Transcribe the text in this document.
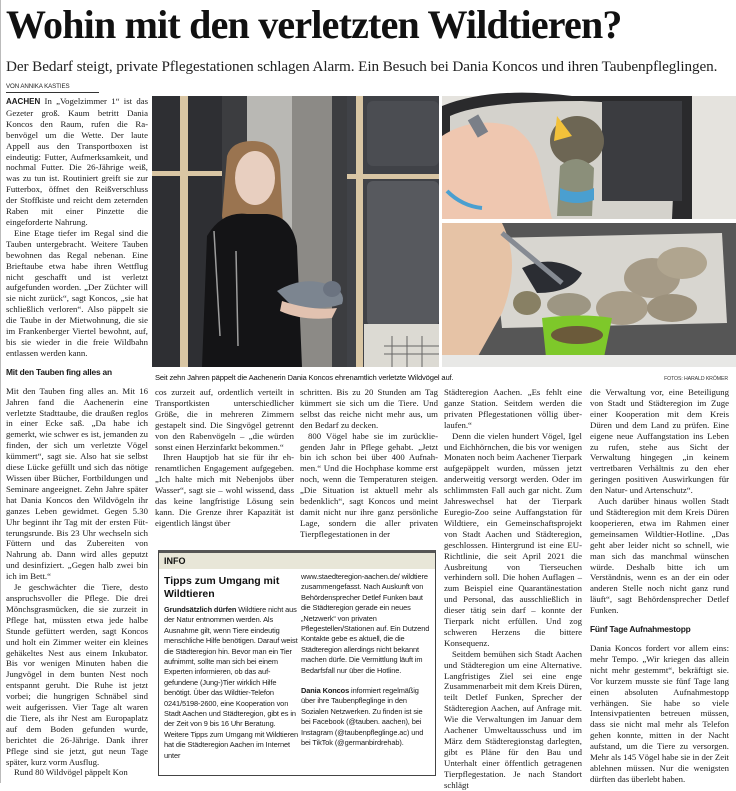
Wohin mit den verletzten Wildtieren?
Der Bedarf steigt, private Pflegestationen schlagen Alarm. Ein Besuch bei Dania Koncos und ihren Taubenpfleglingen.
VON ANNIKA KASTIES

AACHEN In „Vogelzimmer 1“ ist das Gezeter groß. Kaum betritt Dania Koncos den Raum, rufen die Rabenvögel um die Wette. Der laute Appell aus den Transportboxen ist eindeutig: Futter, Aufmerksamkeit, und nochmal Futter. Die 26-Jährige weiß, was zu tun ist. Routiniert greift sie zur Futterbox, öffnet den Reißverschluss der Stoffkiste und reicht dem zeternden Raben mit einer Pinzette die eingeforderte Nahrung.

Eine Etage tiefer im Regal sind die Tauben untergebracht. Weitere Tauben bewohnen das Regal nebenan. Eine Brieftaube etwa habe ihren Wettflug nicht geschafft und ist verletzt aufgefunden worden. „Der Züchter will sie nicht zurück“, sagt Koncos, „sie hat schließlich verloren“. Also päppelt sie die Taube in der Mietwohnung, die sie im Frankenberger Viertel bewohnt, auf, bis sie wieder in die freie Wildbahn entlassen werden kann.

Mit den Tauben fing alles an

Mit den Tauben fing alles an. Mit 16 Jahren fand die Aachenerin eine verletzte Stadttaube, die draußen reglos in einer Ecke saß. „Da habe ich gemerkt, wie schwer es ist, jemanden zu finden, der sich um verletzte Vögel kümmert“, sagt sie. Also hat sie selbst diese Lücke gefüllt und sich das nötige Wissen über Bücher, Fortbildungen und Seminare angeeignet. Zehn Jahre später hat Dania Koncos den Wildvögeln ihr ganzes Leben gewidmet. Gegen 5.30 Uhr beginnt ihr Tag mit der ersten Fütterungsrunde. Bis 23 Uhr wechseln sich Füttern und das Zubereiten von Nahrung ab. Dann wird alles geputzt und desinfiziert. „Gegen halb zwei bin ich im Bett.“

Je geschwächter die Tiere, desto anspruchsvoller die Pflege. Die drei Mönchsgrasmücken, die sie zurzeit in Pflege hat, müssten etwa jede halbe Stunde gefüttert werden, sagt Koncos und holt ein Zimmer weiter ein kleines gehäkeltes Nest aus einem Inkubator. Bis vor wenigen Minuten haben die Jungvögel in dem bunten Nest noch entspannt geruht. Die Ruhe ist jetzt vorbei; die hungrigen Schnäbel sind weit aufgerissen. Vier Tage alt waren die Tiere, als ihr Nest am Europaplatz auf dem Boden gefunden wurde, berichtet die 26-Jährige. Dank ihrer Pflege sind sie jetzt, gut neun Tage später, kurz vorm Ausflug.

Rund 80 Wildvögel päppelt Kon

Seit zehn Jahren päppelt die Aachenerin Dania Koncos ehrenamtlich verletzte Wildvögel auf.	FOTOS: HARALD KRÖMER

cos zurzeit auf, ordentlich verteilt in Transportkisten unterschiedlicher Größe, die in mehreren Zimmern gestapelt sind. Die Singvögel getrennt von den Rabenvögeln – „die würden sonst einen Herzinfarkt bekommen.“

Ihren Hauptjob hat sie für ihr ehrenamtlichen Engagement aufgegeben. „Ich halte mich mit Nebenjobs über Wasser“, sagt sie – wohl wissend, dass das keine langfristige Lösung sein kann. Die Grenze ihrer Kapazität ist eigentlich längst über

schritten. Bis zu 20 Stunden am Tag kümmert sie sich um die Tiere. Und selbst das reiche nicht mehr aus, um den Bedarf zu decken.

800 Vögel habe sie im zurückliegenden Jahr in Pflege gehabt. „Jetzt bin ich schon bei über 400 Aufnahmen.“ Und die Hochphase komme erst noch, wenn die Temperaturen steigen. „Die Situation ist aktuell mehr als bedenklich“, sagt Koncos und meint damit nicht nur ihre ganz persönliche Lage, sondern die aller privaten Tierpflegestationen in der

INFO
Tipps zum Umgang mit Wildtieren

Grundsätzlich dürfen Wildtiere nicht aus der Natur entnommen werden. Als Ausnahme gilt, wenn Tiere eindeutig menschliche Hilfe benötigen. Darauf weist die Städteregion hin. Bevor man ein Tier aufnimmt, sollte man sich bei einem Experten informieren, ob das aufgefundene (Jung-)Tier wirklich Hilfe benötigt. Über das Wildtier-Telefon 0241/5198-2600, eine Kooperation von Stadt Aachen und Städteregion, gibt es in der Zeit von 9 bis 16 Uhr Beratung. Weitere Tipps zum Umgang mit Wildtieren hat die Städteregion Aachen im Internet unter

www.staedteregion-aachen.de/ wildtiere zusammengefasst. Nach Auskunft von Behördensprecher Detlef Funken baut die Städteregion gerade ein neues „Netzwerk“ von privaten Pflegestellen/Stationen auf. Ein Dutzend Kontakte gebe es aktuell, die die Städteregion allerdings nicht bekannt machen dürfe. Die Vermittlung läuft im Bedarfsfall nur über die Hotline.

Dania Koncos informiert regelmäßig über ihre Taubenpfleglinge in den Sozialen Netzwerken. Zu finden ist sie bei Facebook (@tauben. aachen), bei Instagram (@taubenpfleglinge.ac) und bei TikTok (@germanbirdrehab).

Städteregion Aachen. „Es fehlt eine ganze Station. Seitdem werden die privaten Pflegestationen völlig überlaufen.“

Denn die vielen hundert Vögel, Igel und Eichhörnchen, die bis vor wenigen Monaten noch beim Aachener Tierpark aufgepäppelt wurden, müssen jetzt anderweitig versorgt werden. Oder im schlimmsten Fall auch gar nicht. Zum Jahreswechsel hat der Tierpark Euregio-Zoo seine Auffangstation für Wildtiere, ein Gemeinschaftsprojekt von Stadt Aachen und Städteregion, geschlossen. Hintergrund ist eine EU-Richtlinie, die seit April 2021 die Ausbreitung von Tierseuchen verhindern soll. Die hohen Auflagen – zum Beispiel eine Quarantänestation und Personal, das ausschließlich in dieser tätig sein darf – konnte der Tierpark nicht erfüllen. Und zog schweren Herzens die bittere Konsequenz.

Seitdem bemühen sich Stadt Aachen und Städteregion um eine Alternative. Langfristiges Ziel sei eine enge Zusammenarbeit mit dem Kreis Düren, teilt Detlef Funken, Sprecher der Städteregion Aachen, auf Anfrage mit. Wie die Verwaltungen im Januar dem Aachener Umweltausschuss und im März dem Städteregionstag darlegten, gibt es Pläne für den Bau und Unterhalt einer öffentlich getragenen Tierpflegestation. Je nach Standort schlägt

die Verwaltung vor, eine Beteiligung von Stadt und Städteregion im Zuge einer Kooperation mit dem Kreis Düren und dem Land zu prüfen. Eine eigene neue Auffangstation ins Leben zu rufen, stehe aus Sicht der Verwaltung hingegen „in keinem vertretbaren Verhältnis zu den eher geringen positiven Auswirkungen für den Natur- und Artenschutz“.

Auch darüber hinaus wollen Stadt und Städteregion mit dem Kreis Düren kooperieren, etwa im Rahmen einer gemeinsamen Wildtier-Hotline. „Das geht aber leider nicht so schnell, wie man sich das manchmal wünschen würde. Deshalb bitte ich um Verständnis, wenn es an der ein oder anderen Stelle noch nicht ganz rund läuft“, sagt Behördensprecher Detlef Funken.

Fünf Tage Aufnahmestopp

Dania Koncos fordert vor allem eins: mehr Tempo. „Wir kriegen das allein nicht mehr gestemmt“, bekräftigt sie. Vor kurzem musste sie fünf Tage lang einen absoluten Aufnahmestopp verhängen. Sie habe so viele Intensivpatienten betreuen müssen, dass sie nicht mal mehr als Telefon gehen konnte, mitten in der Nacht aufstand, um die Tiere zu versorgen. Mehr als 145 Vögel habe sie in der Zeit ablehnen müssen. Nur die wenigsten dürften das überlebt haben.
